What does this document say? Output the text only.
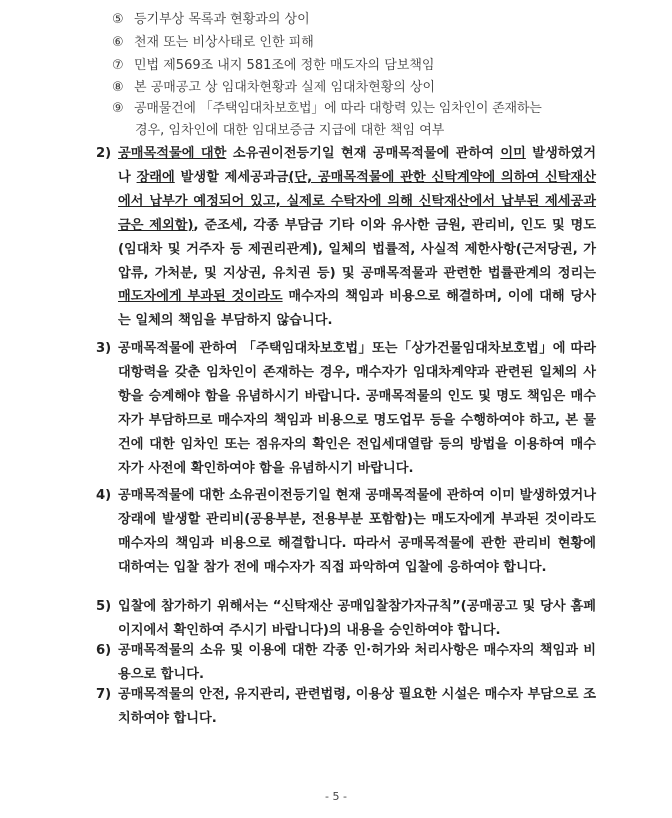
⑤ 등기부상 목록과 현황과의 상이
⑥ 천재 또는 비상사태로 인한 피해
⑦ 민법 제569조 내지 581조에 정한 매도자의 담보책임
⑧ 본 공매공고 상 임대차현황과 실제 임대차현황의 상이
⑨ 공매물건에 「주택임대차보호법」에 따라 대항력 있는 임차인이 존재하는
경우, 임차인에 대한 임대보증금 지급에 대한 책임 여부
2) 공매목적물에 대한 소유권이전등기일 현재 공매목적물에 관하여 이미 발생하였거나 장래에 발생할 제세공과금(단, 공매목적물에 관한 신탁계약에 의하여 신탁재산에서 납부가 예정되어 있고, 실제로 수탁자에 의해 신탁재산에서 납부된 제세공과금은 제외함), 준조세, 각종 부담금 기타 이와 유사한 금원, 관리비, 인도 및 명도(임대차 및 거주자 등 제권리관계), 일체의 법률적, 사실적 제한사항(근저당권, 가압류, 가처분, 및 지상권, 유치권 등) 및 공매목적물과 관련한 법률관계의 정리는 매도자에게 부과된 것이라도 매수자의 책임과 비용으로 해결하며, 이에 대해 당사는 일체의 책임을 부담하지 않습니다.
3) 공매목적물에 관하여 「주택임대차보호법」또는「상가건물임대차보호법」에 따라 대항력을 갖춘 임차인이 존재하는 경우, 매수자가 임대차계약과 관련된 일체의 사항을 승계해야 함을 유념하시기 바랍니다. 공매목적물의 인도 및 명도 책임은 매수자가 부담하므로 매수자의 책임과 비용으로 명도업무 등을 수행하여야 하고, 본 물건에 대한 임차인 또는 점유자의 확인은 전입세대열람 등의 방법을 이용하여 매수자가 사전에 확인하여야 함을 유념하시기 바랍니다.
4) 공매목적물에 대한 소유권이전등기일 현재 공매목적물에 관하여 이미 발생하였거나 장래에 발생할 관리비(공용부분, 전용부분 포함함)는 매도자에게 부과된 것이라도 매수자의 책임과 비용으로 해결합니다. 따라서 공매목적물에 관한 관리비 현황에 대하여는 입찰 참가 전에 매수자가 직접 파악하여 입찰에 응하여야 합니다.
5) 입찰에 참가하기 위해서는 “신탁재산 공매입찰참가자규칙”(공매공고 및 당사 홈페이지에서 확인하여 주시기 바랍니다)의 내용을 승인하여야 합니다.
6) 공매목적물의 소유 및 이용에 대한 각종 인·허가와 처리사항은 매수자의 책임과 비용으로 합니다.
7) 공매목적물의 안전, 유지관리, 관련법령, 이용상 필요한 시설은 매수자 부담으로 조치하여야 합니다.
- 5 -
